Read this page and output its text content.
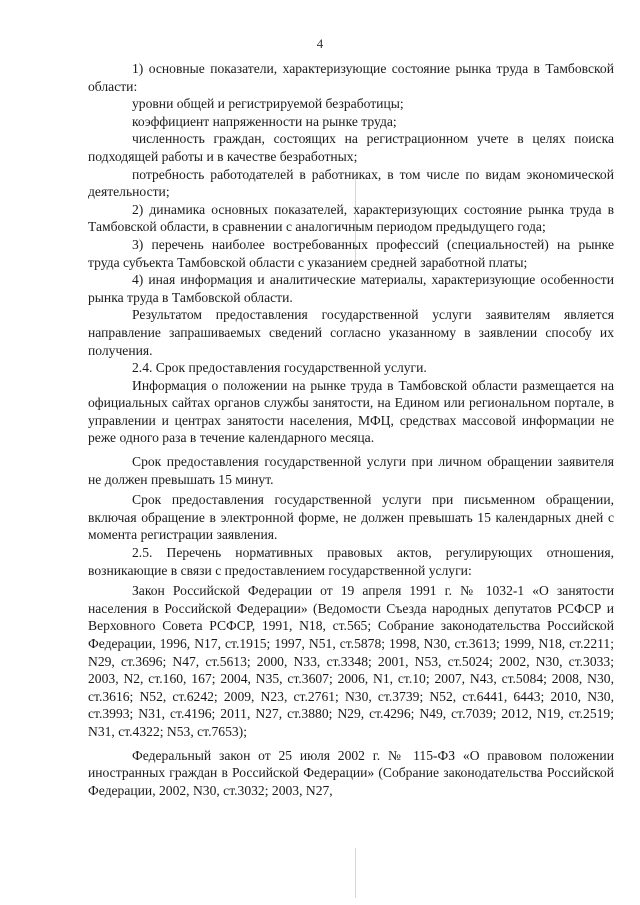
4

1) основные показатели, характеризующие состояние рынка труда в Тамбовской области:

уровни общей и регистрируемой безработицы;

коэффициент напряженности на рынке труда;

численность граждан, состоящих на регистрационном учете в целях поиска подходящей работы и в качестве безработных;

потребность работодателей в работниках, в том числе по видам экономической деятельности;

2) динамика основных показателей, характеризующих состояние рынка труда в Тамбовской области, в сравнении с аналогичным периодом предыдущего года;

3) перечень наиболее востребованных профессий (специальностей) на рынке труда субъекта Тамбовской области с указанием средней заработной платы;

4) иная информация и аналитические материалы, характеризующие особенности рынка труда в Тамбовской области.

Результатом предоставления государственной услуги заявителям является направление запрашиваемых сведений согласно указанному в заявлении способу их получения.

2.4. Срок предоставления государственной услуги.

Информация о положении на рынке труда в Тамбовской области размещается на официальных сайтах органов службы занятости, на Едином или региональном портале, в управлении и центрах занятости населения, МФЦ, средствах массовой информации не реже одного раза в течение календарного месяца.

Срок предоставления государственной услуги при личном обращении заявителя не должен превышать 15 минут.

Срок предоставления государственной услуги при письменном обращении, включая обращение в электронной форме, не должен превышать 15 календарных дней с момента регистрации заявления.

2.5. Перечень нормативных правовых актов, регулирующих отношения, возникающие в связи с предоставлением государственной услуги:

Закон Российской Федерации от 19 апреля 1991 г. № 1032-1 «О занятости населения в Российской Федерации» (Ведомости Съезда народных депутатов РСФСР и Верховного Совета РСФСР, 1991, N18, ст.565; Собрание законодательства Российской Федерации, 1996, N17, ст.1915; 1997, N51, ст.5878; 1998, N30, ст.3613; 1999, N18, ст.2211; N29, ст.3696; N47, ст.5613; 2000, N33, ст.3348; 2001, N53, ст.5024; 2002, N30, ст.3033; 2003, N2, ст.160, 167; 2004, N35, ст.3607; 2006, N1, ст.10; 2007, N43, ст.5084; 2008, N30, ст.3616; N52, ст.6242; 2009, N23, ст.2761; N30, ст.3739; N52, ст.6441, 6443; 2010, N30, ст.3993; N31, ст.4196; 2011, N27, ст.3880; N29, ст.4296; N49, ст.7039; 2012, N19, ст.2519; N31, ст.4322; N53, ст.7653);

Федеральный закон от 25 июля 2002 г. № 115-ФЗ «О правовом положении иностранных граждан в Российской Федерации» (Собрание законодательства Российской Федерации, 2002, N30, ст.3032; 2003, N27,
